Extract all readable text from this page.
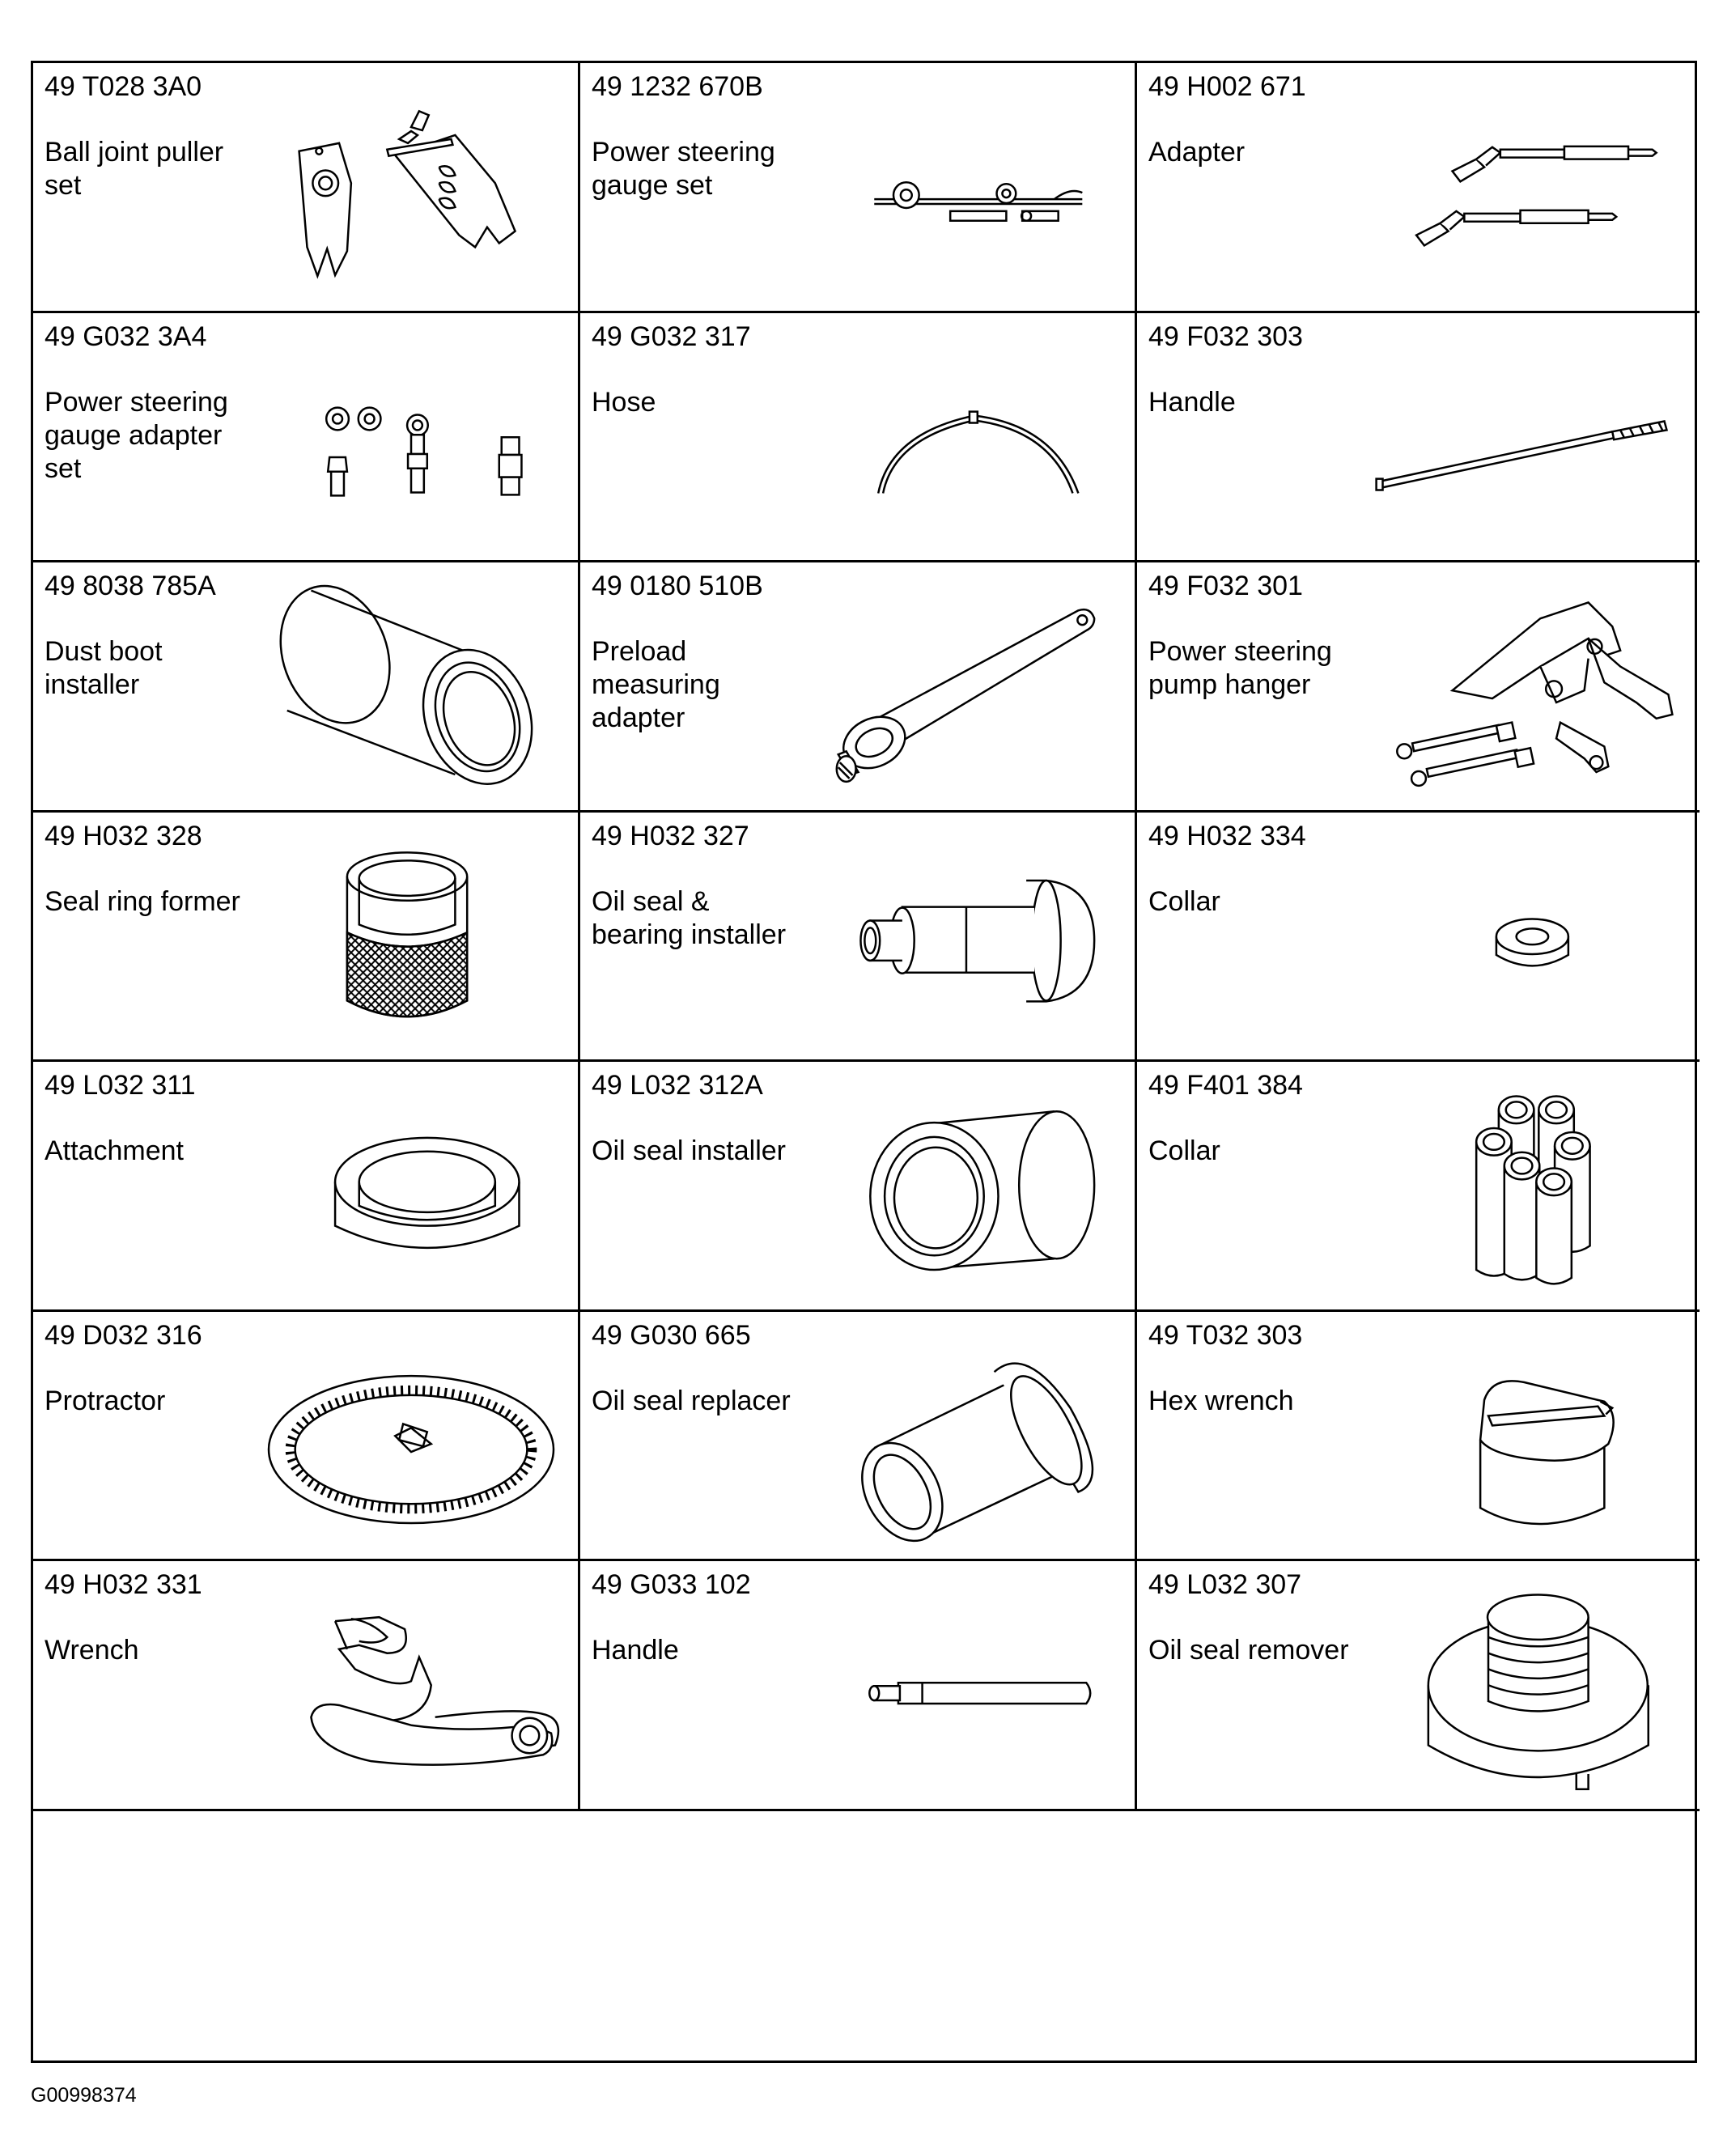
49 T028 3A0
Ball joint puller
set
49 1232 670B
Power steering
gauge set
49 H002 671
Adapter
49 G032 3A4
Power steering
gauge adapter
set
49 G032 317
Hose
49 F032 303
Handle
49 8038 785A
Dust boot
installer
49 0180 510B
Preload
measuring
adapter
49 F032 301
Power steering
pump hanger
49 H032 328
Seal ring former
49 H032 327
Oil seal &
bearing installer
49 H032 334
Collar
49 L032 311
Attachment
49 L032 312A
Oil seal installer
49 F401 384
Collar
49 D032 316
Protractor
49 G030 665
Oil seal replacer
49 T032 303
Hex wrench
49 H032 331
Wrench
49 G033 102
Handle
49 L032 307
Oil seal remover
G00998374
